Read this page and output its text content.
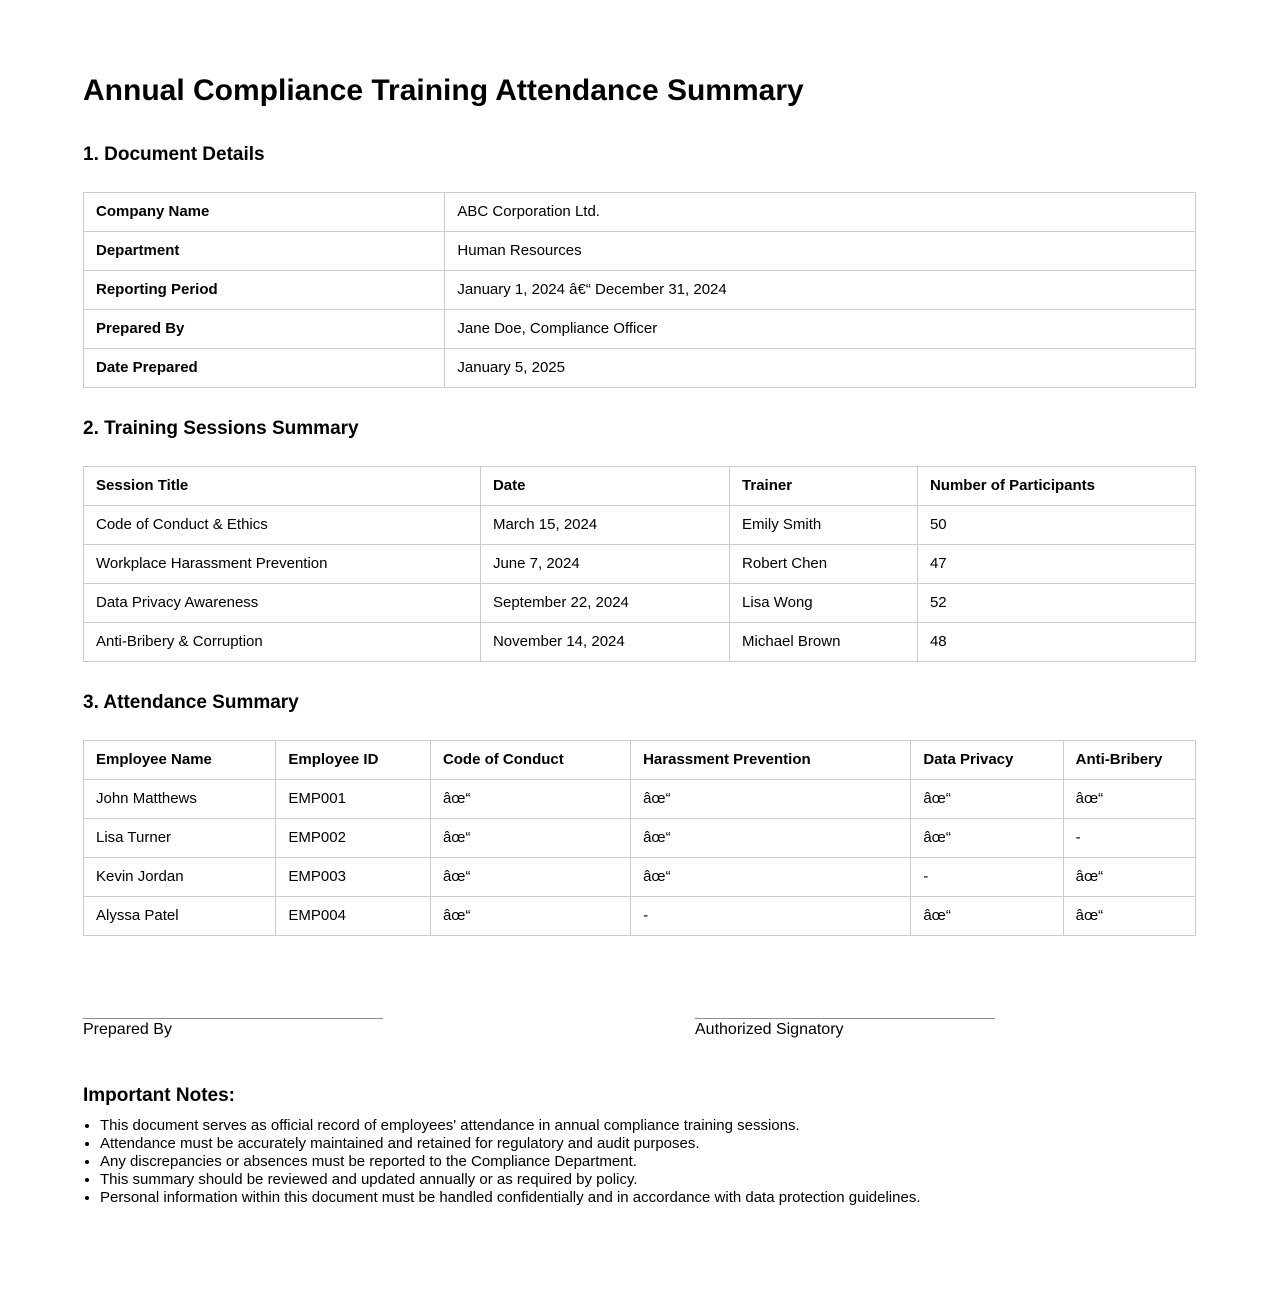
Annual Compliance Training Attendance Summary
1. Document Details
Company Name	ABC Corporation Ltd.
Department	Human Resources
Reporting Period	January 1, 2024 â€“ December 31, 2024
Prepared By	Jane Doe, Compliance Officer
Date Prepared	January 5, 2025
2. Training Sessions Summary
Session Title	Date	Trainer	Number of Participants
Code of Conduct & Ethics	March 15, 2024	Emily Smith	50
Workplace Harassment Prevention	June 7, 2024	Robert Chen	47
Data Privacy Awareness	September 22, 2024	Lisa Wong	52
Anti-Bribery & Corruption	November 14, 2024	Michael Brown	48
3. Attendance Summary
Employee Name	Employee ID	Code of Conduct	Harassment Prevention	Data Privacy	Anti-Bribery
John Matthews	EMP001	âœ“	âœ“	âœ“	âœ“
Lisa Turner	EMP002	âœ“	âœ“	âœ“	-
Kevin Jordan	EMP003	âœ“	âœ“	-	âœ“
Alyssa Patel	EMP004	âœ“	-	âœ“	âœ“
Prepared By	Authorized Signatory
Important Notes:
• This document serves as official record of employees' attendance in annual compliance training sessions.
• Attendance must be accurately maintained and retained for regulatory and audit purposes.
• Any discrepancies or absences must be reported to the Compliance Department.
• This summary should be reviewed and updated annually or as required by policy.
• Personal information within this document must be handled confidentially and in accordance with data protection guidelines.
